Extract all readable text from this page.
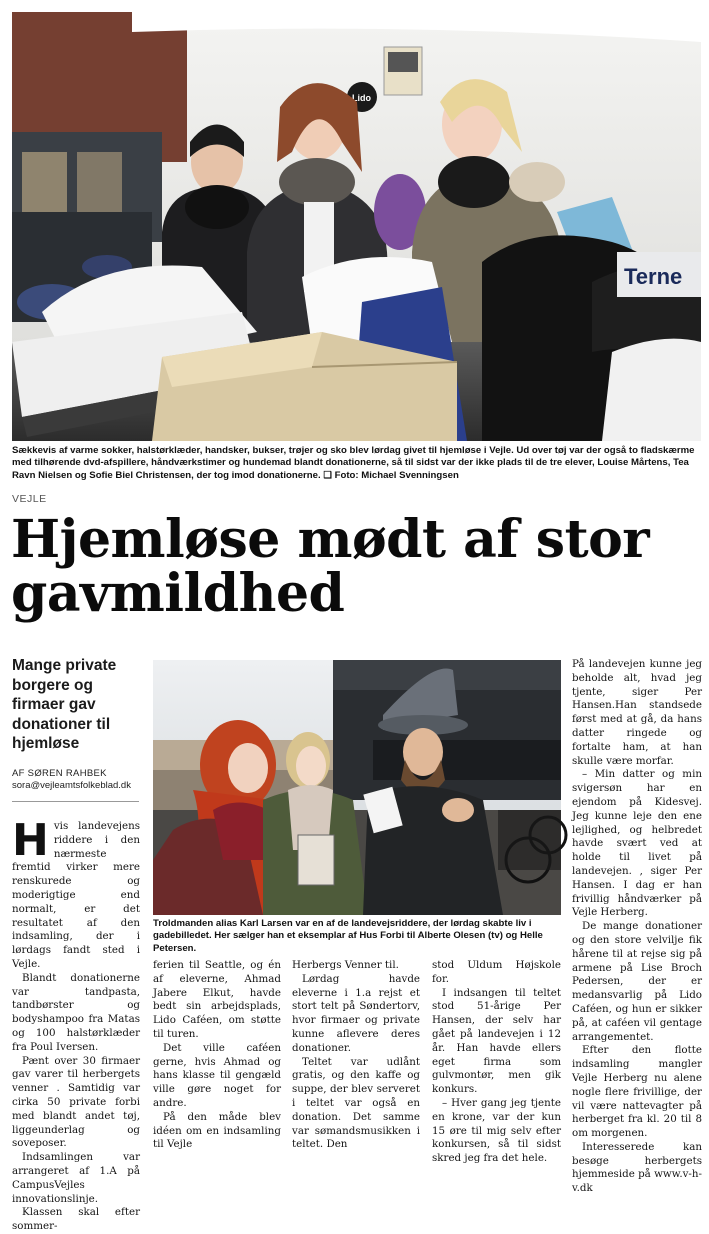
Lido
Terne
Sækkevis af varme sokker, halstørklæder, handsker, bukser, trøjer og sko blev lørdag givet til hjemløse i Vejle. Ud over tøj var der også to fladskærme med tilhørende dvd-afspillere, håndværkstimer og hundemad blandt donationerne, så til sidst var der ikke plads til de tre elever, Louise Mårtens, Tea Ravn Nielsen og Sofie Biel Christensen, der tog imod donationerne. ❏ Foto: Michael Svenningsen
VEJLE
Hjemløse mødt af stor gavmildhed
Mange private borgere og firmaer gav donationer til hjemløse
AF SØREN RAHBEK
sora@vejleamtsfolkeblad.dk

Hvis landevejens riddere i den nærmeste fremtid virker mere renskurede og moderigtige end normalt, er det resultatet af den indsamling, der i lørdags fandt sted i Vejle.

Blandt donationerne var tandpasta, tandbørster og bodyshampoo fra Matas og 100 halstørklæder fra Poul Iversen.

Pænt over 30 firmaer gav varer til herbergets venner . Samtidig var cirka 50 private forbi med blandt andet tøj, liggeunderlag og soveposer.

Indsamlingen var arrangeret af 1.A på CampusVejles innovationslinje.

Klassen skal efter sommer-

Troldmanden alias Karl Larsen var en af de landevejsriddere, der lørdag skabte liv i gadebilledet. Her sælger han et eksemplar af Hus Forbi til Alberte Olesen (tv) og Helle Petersen.

ferien til Seattle, og én af eleverne, Ahmad Jabere Elkut, havde bedt sin arbejdsplads, Lido Caféen, om støtte til turen.

Det ville caféen gerne, hvis Ahmad og hans klasse til gengæld ville gøre noget for andre.

På den måde blev idéen om en indsamling til Vejle

Herbergs Venner til.

Lørdag havde eleverne i 1.a rejst et stort telt på Søndertorv, hvor firmaer og private kunne aflevere deres donationer.

Teltet var udlånt gratis, og den kaffe og suppe, der blev serveret i teltet var også en donation. Det samme var sømandsmusikken i teltet. Den

stod Uldum Højskole for.

I indsangen til teltet stod 51-årige Per Hansen, der selv har gået på landevejen i 12 år. Han havde ellers eget firma som gulvmontør, men gik konkurs.

– Hver gang jeg tjente en krone, var der kun 15 øre til mig selv efter konkursen, så til sidst skred jeg fra det hele.

På landevejen kunne jeg beholde alt, hvad jeg tjente, siger Per Hansen.Han standsede først med at gå, da hans datter ringede og fortalte ham, at han skulle være morfar.

– Min datter og min svigersøn har en ejendom på Kidesvej. Jeg kunne leje den ene lejlighed, og helbredet havde svært ved at holde til livet på landevejen. , siger Per Hansen. I dag er han frivillig håndværker på Vejle Herberg.

De mange donationer og den store velvilje fik hårene til at rejse sig på armene på Lise Broch Pedersen, der er medansvarlig på Lido Caféen, og hun er sikker på, at caféen vil gentage arrangementet.

Efter den flotte indsamling mangler Vejle Herberg nu alene nogle flere frivillige, der vil være nattevagter på herberget fra kl. 20 til 8 om morgenen.

Interesserede kan besøge herbergets hjemmeside på www.v-h-v.dk
